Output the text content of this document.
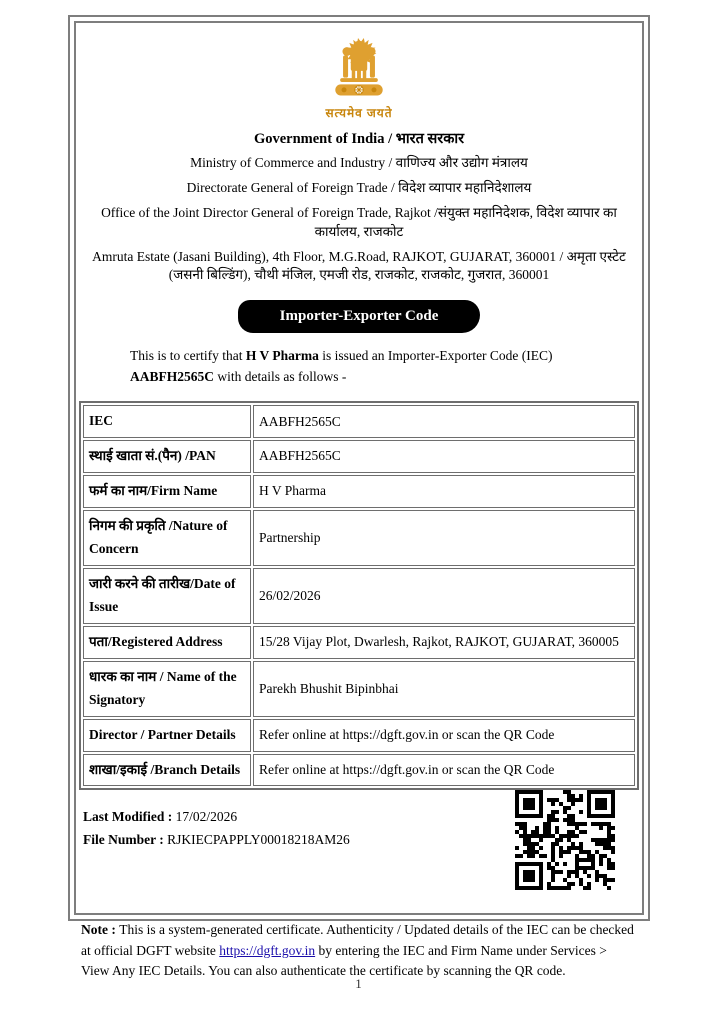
सत्यमेव जयते
Government of India / भारत सरकार
Ministry of Commerce and Industry / वाणिज्य और उद्योग मंत्रालय
Directorate General of Foreign Trade / विदेश व्यापार महानिदेशालय
Office of the Joint Director General of Foreign Trade, Rajkot /संयुक्त महानिदेशक, विदेश व्यापार का कार्यालय, राजकोट
Amruta Estate (Jasani Building), 4th Floor, M.G.Road, RAJKOT, GUJARAT, 360001 / अमृता एस्टेट (जसनी बिल्डिंग), चौथी मंजिल, एमजी रोड, राजकोट, राजकोट, गुजरात, 360001
Importer-Exporter Code

This is to certify that H V Pharma is issued an Importer-Exporter Code (IEC) AABFH2565C with details as follows -

IEC	AABFH2565C
स्थाई खाता सं.(पैन) /PAN	AABFH2565C
फर्म का नाम/Firm Name	H V Pharma
निगम की प्रकृति /Nature of Concern	Partnership
जारी करने की तारीख/Date of Issue	26/02/2026
पता/Registered Address	15/28 Vijay Plot, Dwarlesh, Rajkot, RAJKOT, GUJARAT, 360005
धारक का नाम / Name of the Signatory	Parekh Bhushit Bipinbhai
Director / Partner Details	Refer online at https://dgft.gov.in or scan the QR Code
शाखा/इकाई /Branch Details	Refer online at https://dgft.gov.in or scan the QR Code
Last Modified : 17/02/2026
File Number : RJKIECPAPPLY00018218AM26

Note : This is a system-generated certificate. Authenticity / Updated details of the IEC can be checked at official DGFT website https://dgft.gov.in by entering the IEC and Firm Name under Services > View Any IEC Details. You can also authenticate the certificate by scanning the QR code.

1
